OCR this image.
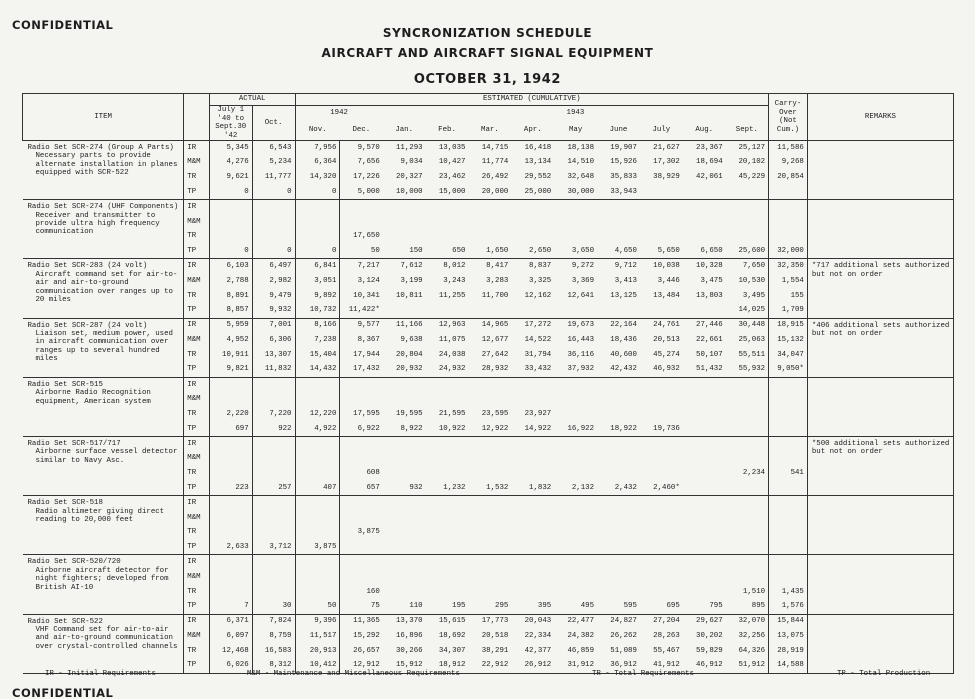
CONFIDENTIAL
SYNCRONIZATION SCHEDULE
AIRCRAFT AND AIRCRAFT SIGNAL EQUIPMENT
OCTOBER 31, 1942
ITEM		ACTUAL		ESTIMATED (CUMULATIVE)											Carry-Over (Not Cum.)	REMARKS
		July 1 '40 to Sept.30 '42	Oct.	1942		1943										
				Nov.	Dec.	Jan.	Feb.	Mar.	Apr.	May	June	July	Aug.	Sept.		

Radio Set SCR-274 (Group A Parts)
Necessary parts to provide alternate installation in planes equipped with SCR-522	IR	5,345	6,543	7,956	9,570	11,293	13,035	14,715	16,418	18,138	19,907	21,627	23,367	25,127	11,586	
	M&M	4,276	5,234	6,364	7,656	9,034	10,427	11,774	13,134	14,510	15,926	17,302	18,694	20,102	9,268	
	TR	9,621	11,777	14,320	17,226	20,327	23,462	26,492	29,552	32,648	35,833	38,929	42,061	45,229	20,854	
	TP	0	0	0	5,000	10,000	15,000	20,000	25,000	30,000	33,943					

Radio Set SCR-274 (UHF Components)
Receiver and transmitter to provide ultra high frequency communication	IR															
	M&M															
	TR				17,650											
	TP	0	0	0	50	150	650	1,650	2,650	3,650	4,650	5,650	6,650	25,600	32,000	

Radio Set SCR-283 (24 volt)
Aircraft command set for air-to-air and air-to-ground communication over ranges up to 20 miles	IR	6,103	6,497	6,841	7,217	7,612	8,012	8,417	8,837	9,272	9,712	10,038	10,328	7,650	32,350	*717 additional sets authorized but not on order
	M&M	2,788	2,982	3,051	3,124	3,199	3,243	3,283	3,325	3,369	3,413	3,446	3,475	10,530	1,554	
	TR	8,891	9,479	9,892	10,341	10,811	11,255	11,700	12,162	12,641	13,125	13,484	13,803	3,495	155	
	TP	8,857	9,932	10,732	11,422*									14,025	1,709	

Radio Set SCR-287 (24 volt)
Liaison set, medium power, used in aircraft communication over ranges up to several hundred miles	IR	5,959	7,001	8,166	9,577	11,166	12,963	14,965	17,272	19,673	22,164	24,761	27,446	30,448	18,915	*406 additional sets authorized but not on order
	M&M	4,952	6,306	7,238	8,367	9,638	11,075	12,677	14,522	16,443	18,436	20,513	22,661	25,063	15,132	
	TR	10,911	13,307	15,404	17,944	20,804	24,038	27,642	31,794	36,116	40,600	45,274	50,107	55,511	34,047	
	TP	9,821	11,832	14,432	17,432	20,932	24,932	28,932	33,432	37,932	42,432	46,932	51,432	55,932	9,050*	

Radio Set SCR-515
Airborne Radio Recognition equipment, American system	IR															
	M&M															
	TR	2,220	7,220	12,220	17,595	19,595	21,595	23,595	23,927							
	TP	697	922	4,922	6,922	8,922	10,922	12,922	14,922	16,922	18,922	19,736				

Radio Set SCR-517/717
Airborne surface vessel detector similar to Navy Asc.	IR															*500 additional sets authorized but not on order
	M&M															
	TR				608									2,234	541	
	TP	223	257	407	657	932	1,232	1,532	1,832	2,132	2,432	2,460*				

Radio Set SCR-518
Radio altimeter giving direct reading to 20,000 feet	IR															
	M&M															
	TR				3,875											
	TP	2,633	3,712	3,875												

Radio Set SCR-520/720
Airborne aircraft detector for night fighters; developed from British AI-10	IR															
	M&M															
	TR				160									1,510	1,435	
	TP	7	30	50	75	110	195	295	395	495	595	695	795	895	1,576	

Radio Set SCR-522
VHF Command set for air-to-air and air-to-ground communication over crystal-controlled channels	IR	6,371	7,824	9,396	11,365	13,370	15,615	17,773	20,043	22,477	24,827	27,204	29,627	32,070	15,844	
	M&M	6,097	8,759	11,517	15,292	16,896	18,692	20,518	22,334	24,382	26,262	28,263	30,202	32,256	13,075	
	TR	12,468	16,583	20,913	26,657	30,266	34,307	38,291	42,377	46,859	51,089	55,467	59,829	64,326	28,919	
	TP	6,026	8,312	10,412	12,912	15,912	18,912	22,912	26,912	31,912	36,912	41,912	46,912	51,912	14,588	
IR - Initial Requirements	M&M - Maintenance and Miscellaneous Requirements	TR - Total Requirements	TP - Total Production
CONFIDENTIAL
